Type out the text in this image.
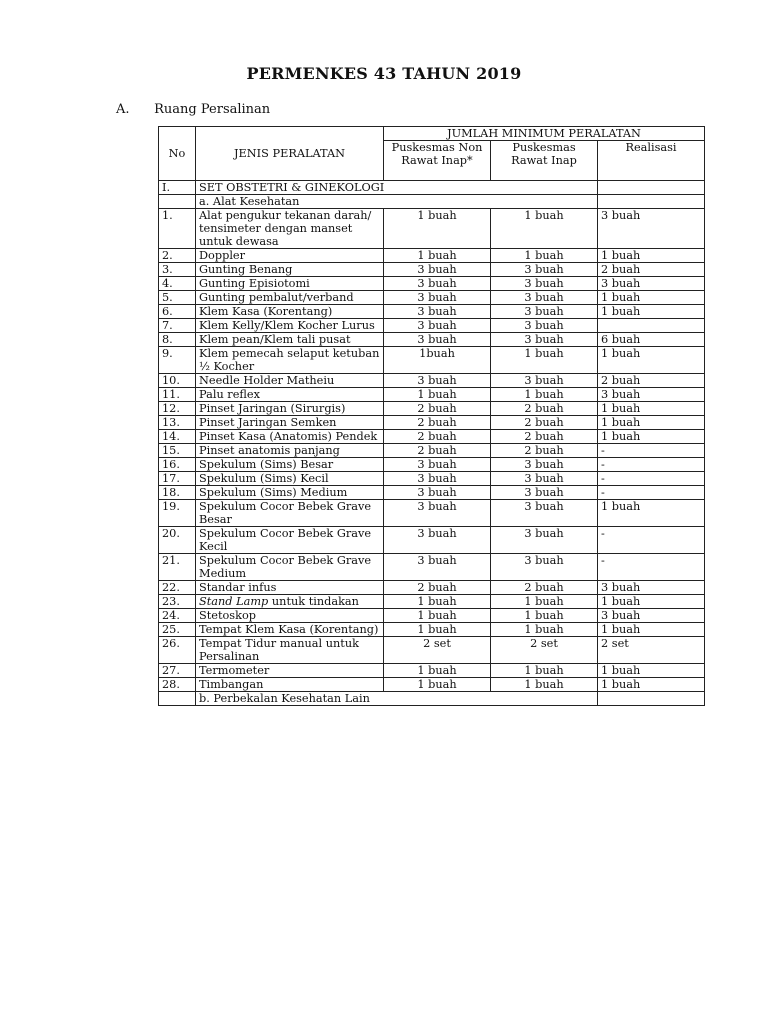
PERMENKES 43 TAHUN 2019
A. Ruang Persalinan
No	JENIS PERALATAN	JUMLAH MINIMUM PERALATAN		
		Puskesmas Non Rawat Inap*	Puskesmas Rawat Inap	Realisasi
I.	SET OBSTETRI & GINEKOLOGI			
	a. Alat Kesehatan			
1.	Alat pengukur tekanan darah/
tensimeter dengan manset
untuk dewasa	1 buah	1 buah	3 buah
2.	Doppler	1 buah	1 buah	1 buah
3.	Gunting Benang	3 buah	3 buah	2 buah
4.	Gunting Episiotomi	3 buah	3 buah	3 buah
5.	Gunting pembalut/verband	3 buah	3 buah	1 buah
6.	Klem Kasa (Korentang)	3 buah	3 buah	1 buah
7.	Klem Kelly/Klem Kocher Lurus	3 buah	3 buah	
8.	Klem pean/Klem tali pusat	3 buah	3 buah	6 buah
9.	Klem pemecah selaput ketuban
½ Kocher	1buah	1 buah	1 buah
10.	Needle Holder Matheiu	3 buah	3 buah	2 buah
11.	Palu reflex	1 buah	1 buah	3 buah
12.	Pinset Jaringan (Sirurgis)	2 buah	2 buah	1 buah
13.	Pinset Jaringan Semken	2 buah	2 buah	1 buah
14.	Pinset Kasa (Anatomis) Pendek	2 buah	2 buah	1 buah
15.	Pinset anatomis panjang	2 buah	2 buah	-
16.	Spekulum (Sims) Besar	3 buah	3 buah	-
17.	Spekulum (Sims) Kecil	3 buah	3 buah	-
18.	Spekulum (Sims) Medium	3 buah	3 buah	-
19.	Spekulum Cocor Bebek Grave
Besar	3 buah	3 buah	1 buah
20.	Spekulum Cocor Bebek Grave
Kecil	3 buah	3 buah	-
21.	Spekulum Cocor Bebek Grave
Medium	3 buah	3 buah	-
22.	Standar infus	2 buah	2 buah	3 buah
23.	Stand Lamp untuk tindakan	1 buah	1 buah	1 buah
24.	Stetoskop	1 buah	1 buah	3 buah
25.	Tempat Klem Kasa (Korentang)	1 buah	1 buah	1 buah
26.	Tempat Tidur manual untuk
Persalinan	2 set	2 set	2 set
27.	Termometer	1 buah	1 buah	1 buah
28.	Timbangan	1 buah	1 buah	1 buah
	b. Perbekalan Kesehatan Lain			
